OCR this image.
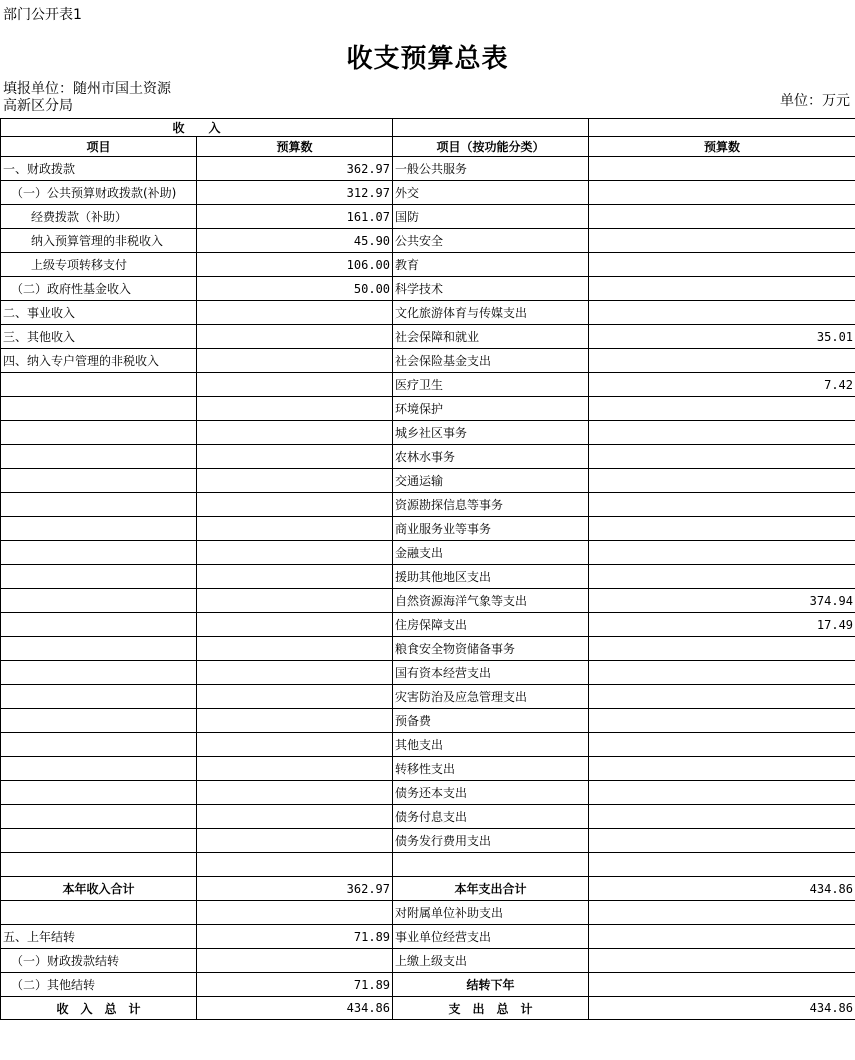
部门公开表1
收支预算总表
填报单位：随州市国土资源
高新区分局	单位：万元
收　　入			
项目	预算数	项目（按功能分类）	预算数
一、财政拨款	362.97	一般公共服务	
（一）公共预算财政拨款(补助)	312.97	外交	
经费拨款（补助）	161.07	国防	
纳入预算管理的非税收入	45.90	公共安全	
上级专项转移支付	106.00	教育	
（二）政府性基金收入	50.00	科学技术	
二、事业收入		文化旅游体育与传媒支出	
三、其他收入		社会保障和就业	35.01
四、纳入专户管理的非税收入		社会保险基金支出	
		医疗卫生	7.42
		环境保护	
		城乡社区事务	
		农林水事务	
		交通运输	
		资源勘探信息等事务	
		商业服务业等事务	
		金融支出	
		援助其他地区支出	
		自然资源海洋气象等支出	374.94
		住房保障支出	17.49
		粮食安全物资储备事务	
		国有资本经营支出	
		灾害防治及应急管理支出	
		预备费	
		其他支出	
		转移性支出	
		债务还本支出	
		债务付息支出	
		债务发行费用支出	

本年收入合计	362.97	本年支出合计	434.86
		对附属单位补助支出	
五、上年结转	71.89	事业单位经营支出	
（一）财政拨款结转		上缴上级支出	
（二）其他结转	71.89	结转下年	
收　入　总　计	434.86	支　出　总　计	434.86
